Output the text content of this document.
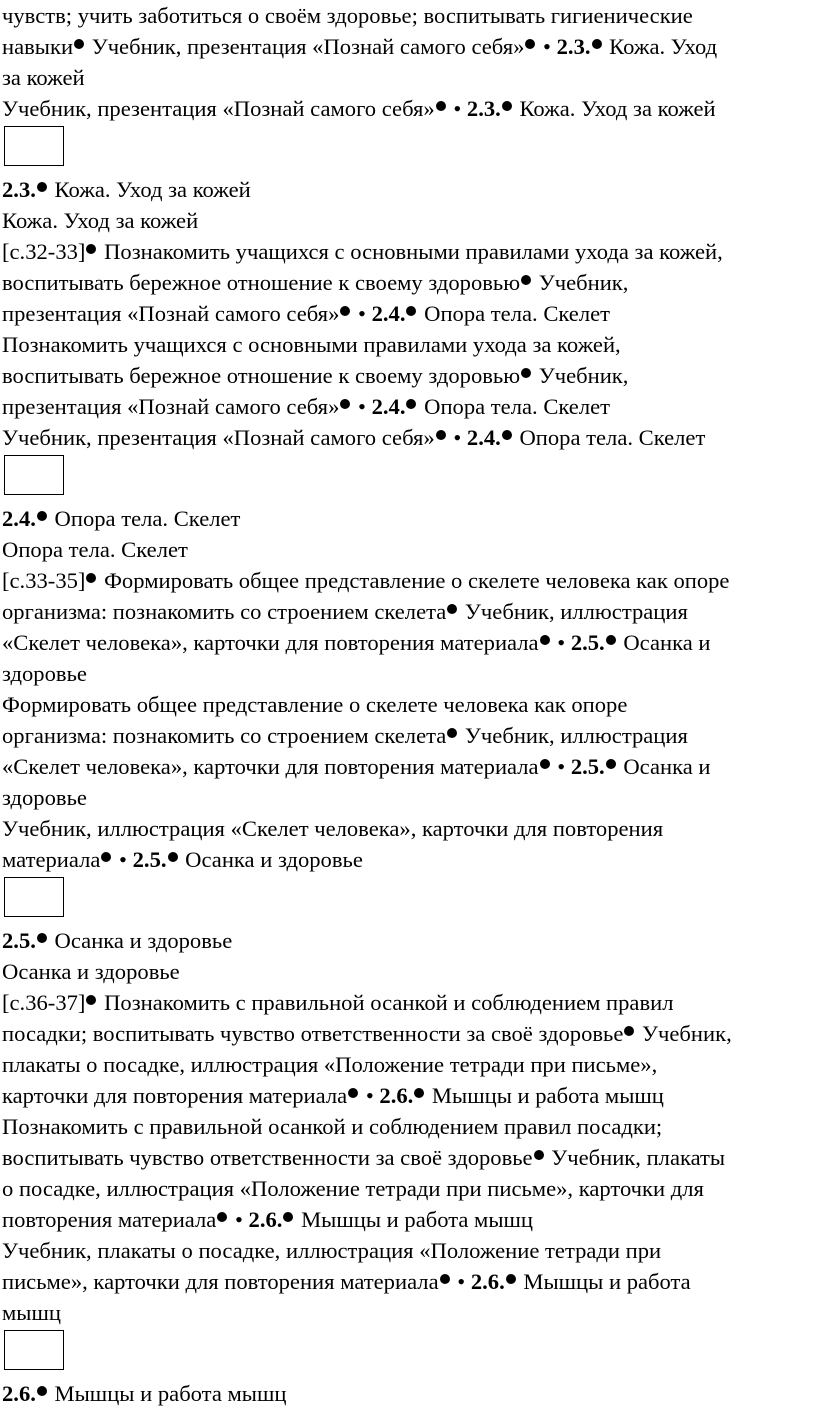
чувств; учить заботиться о своём здоровье; воспитывать гигиенические
навыки Учебник, презентация «Познай самого себя» • 2.3. Кожа. Уход
за кожей
Учебник, презентация «Познай самого себя» • 2.3. Кожа. Уход за кожей
2.3. Кожа. Уход за кожей
Кожа. Уход за кожей
[с.32-33] Познакомить учащихся с основными правилами ухода за кожей,
воспитывать бережное отношение к своему здоровью Учебник,
презентация «Познай самого себя» • 2.4. Опора тела. Скелет
Познакомить учащихся с основными правилами ухода за кожей,
воспитывать бережное отношение к своему здоровью Учебник,
презентация «Познай самого себя» • 2.4. Опора тела. Скелет
Учебник, презентация «Познай самого себя» • 2.4. Опора тела. Скелет
2.4. Опора тела. Скелет
Опора тела. Скелет
[с.33-35] Формировать общее представление о скелете человека как опоре
организма: познакомить со строением скелета Учебник, иллюстрация
«Скелет человека», карточки для повторения материала • 2.5. Осанка и
здоровье
Формировать общее представление о скелете человека как опоре
организма: познакомить со строением скелета Учебник, иллюстрация
«Скелет человека», карточки для повторения материала • 2.5. Осанка и
здоровье
Учебник, иллюстрация «Скелет человека», карточки для повторения
материала • 2.5. Осанка и здоровье
2.5. Осанка и здоровье
Осанка и здоровье
[с.36-37] Познакомить с правильной осанкой и соблюдением правил
посадки; воспитывать чувство ответственности за своё здоровье Учебник,
плакаты о посадке, иллюстрация «Положение тетради при письме»,
карточки для повторения материала • 2.6. Мышцы и работа мышц
Познакомить с правильной осанкой и соблюдением правил посадки;
воспитывать чувство ответственности за своё здоровье Учебник, плакаты
о посадке, иллюстрация «Положение тетради при письме», карточки для
повторения материала • 2.6. Мышцы и работа мышц
Учебник, плакаты о посадке, иллюстрация «Положение тетради при
письме», карточки для повторения материала • 2.6. Мышцы и работа
мышц
2.6. Мышцы и работа мышц
